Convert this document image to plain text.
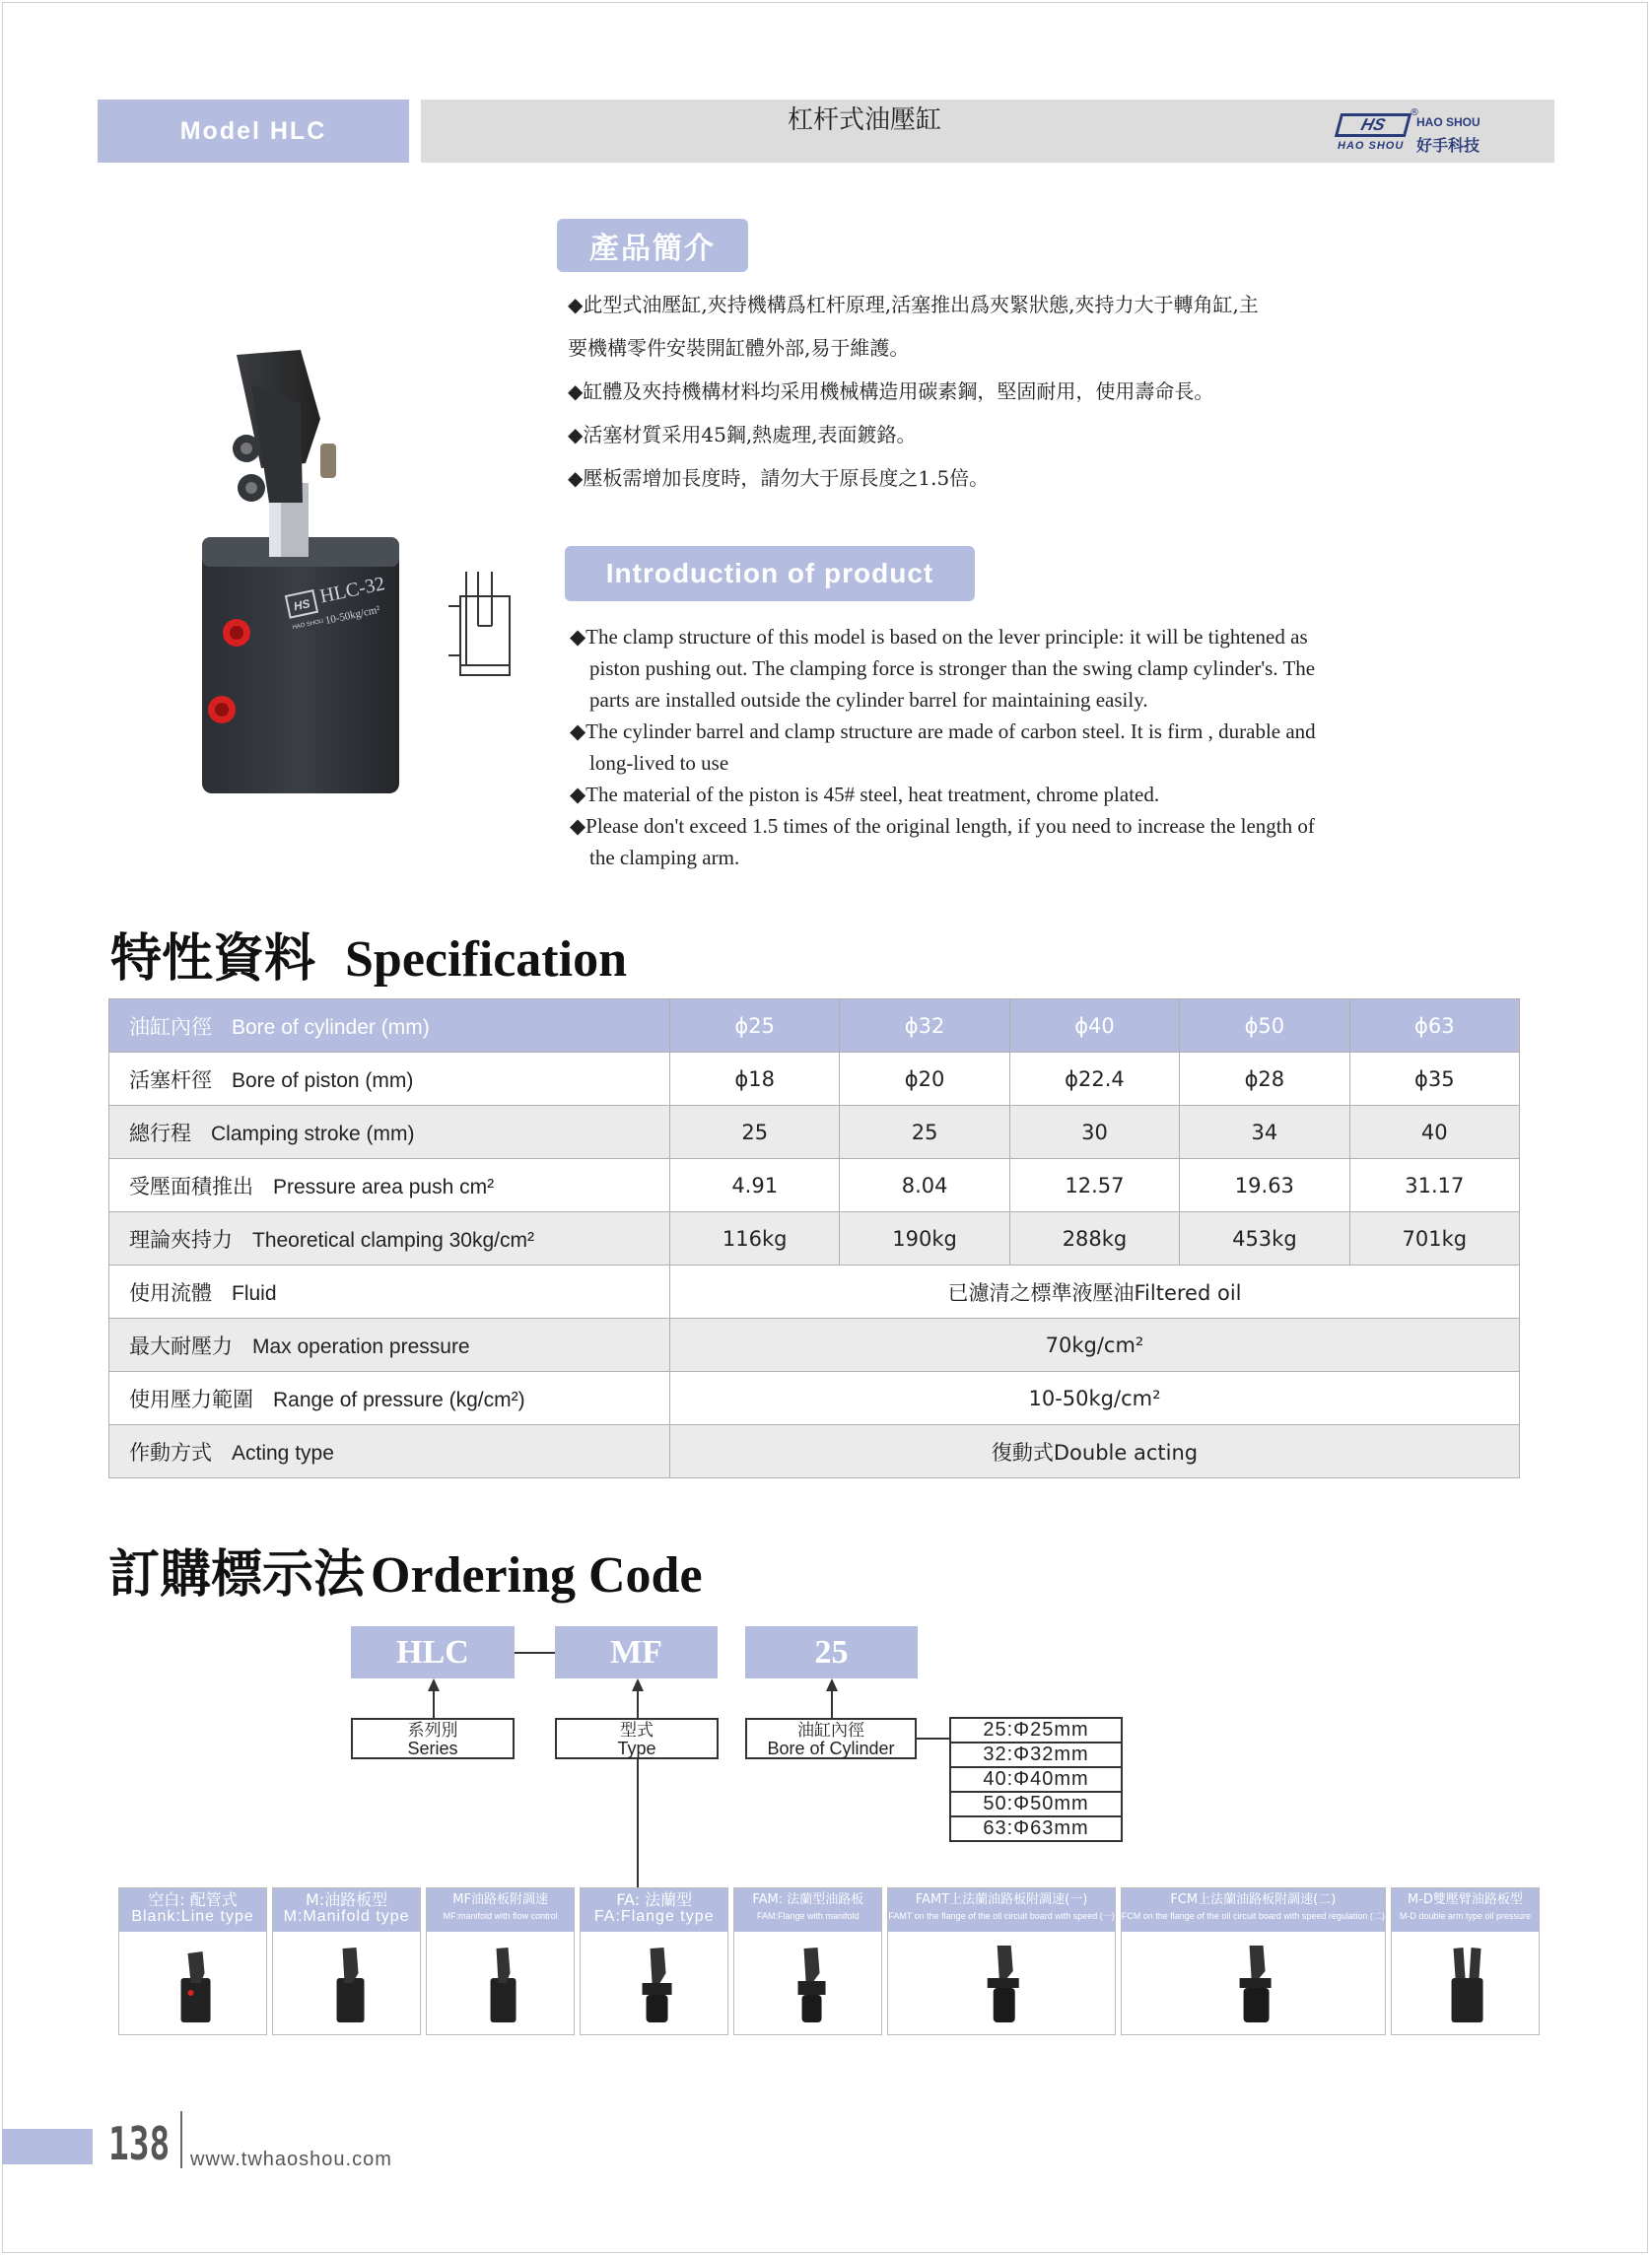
Model HLC	杠杆式油壓缸	HS
®
HAO SHOU
HAO SHOU
好手科技
HS HLC-32
10-50kg/cm²
HAO SHOU
產品簡介
◆此型式油壓缸,夾持機構爲杠杆原理,活塞推出爲夾緊狀態,夾持力大于轉角缸,主
要機構零件安裝開缸體外部,易于維護。
◆缸體及夾持機構材料均采用機械構造用碳素鋼，堅固耐用，使用壽命長。
◆活塞材質采用45鋼,熱處理,表面鍍鉻。
◆壓板需增加長度時，請勿大于原長度之1.5倍。
Introduction of product
◆The clamp structure of this model is based on the lever principle: it will be tightened as
piston pushing out. The clamping force is stronger than the swing clamp cylinder's. The
parts are installed outside the cylinder barrel for maintaining easily.
◆The cylinder barrel and clamp structure are made of carbon steel. It is firm , durable and
long-lived to use
◆The material of the piston is 45# steel, heat treatment, chrome plated.
◆Please don't exceed 1.5 times of the original length, if you need to increase the length of
the clamping arm.
特性資料 Specification
油缸內徑 Bore of cylinder (mm)	ϕ25	ϕ32	ϕ40	ϕ50	ϕ63
活塞杆徑 Bore of piston (mm)	ϕ18	ϕ20	ϕ22.4	ϕ28	ϕ35
總行程 Clamping stroke (mm)	25	25	30	34	40
受壓面積推出 Pressure area push cm²	4.91	8.04	12.57	19.63	31.17
理論夾持力 Theoretical clamping 30kg/cm²	116kg	190kg	288kg	453kg	701kg
使用流體 Fluid	已濾清之標準液壓油Filtered oil				
最大耐壓力 Max operation pressure	70kg/cm²				
使用壓力範圍 Range of pressure (kg/cm²)	10-50kg/cm²				
作動方式 Acting type	復動式Double acting				
訂購標示法 Ordering Code
HLC	MF	25
系列別
Series
型式
Type
油缸內徑
Bore of Cylinder
25:Φ25mm
32:Φ32mm
40:Φ40mm
50:Φ50mm
63:Φ63mm
空白: 配管式
Blank:Line type
M:油路板型
M:Manifold type
MF油路板附調速
MF:manifold with flow control
FA: 法蘭型
FA:Flange type
FAM: 法蘭型油路板
FAM:Flange with manifold
FAMT上法蘭油路板附調速(一)
FAMT on the flange of the oil circuit board with speed (一)
FCM上法蘭油路板附調速(二)
FCM on the flange of the oil circuit board with speed regulation (二)
M-D雙壓臂油路板型
M-D double arm type oil pressure
138 www.twhaoshou.com
